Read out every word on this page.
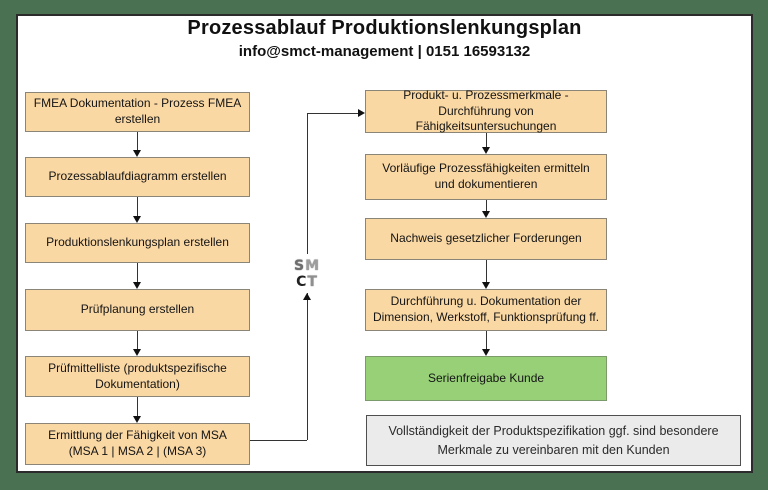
Prozessablauf Produktionslenkungsplan
info@smct-management | 0151 16593132
FMEA Dokumentation - Prozess FMEA erstellen
Prozessablaufdiagramm erstellen
Produktionslenkungsplan erstellen
Prüfplanung erstellen
Prüfmittelliste (produktspezifische Dokumentation)
Ermittlung der Fähigkeit von MSA (MSA 1 | MSA 2 | (MSA 3)
Produkt- u. Prozessmerkmale - Durchführung von Fähigkeitsuntersuchungen
Vorläufige Prozessfähigkeiten ermitteln und dokumentieren
Nachweis gesetzlicher Forderungen
Durchführung u. Dokumentation der Dimension, Werkstoff, Funktionsprüfung ff.
Serienfreigabe Kunde
SM
CT
Vollständigkeit der Produktspezifikation ggf. sind besondere
Merkmale zu vereinbaren mit den Kunden
